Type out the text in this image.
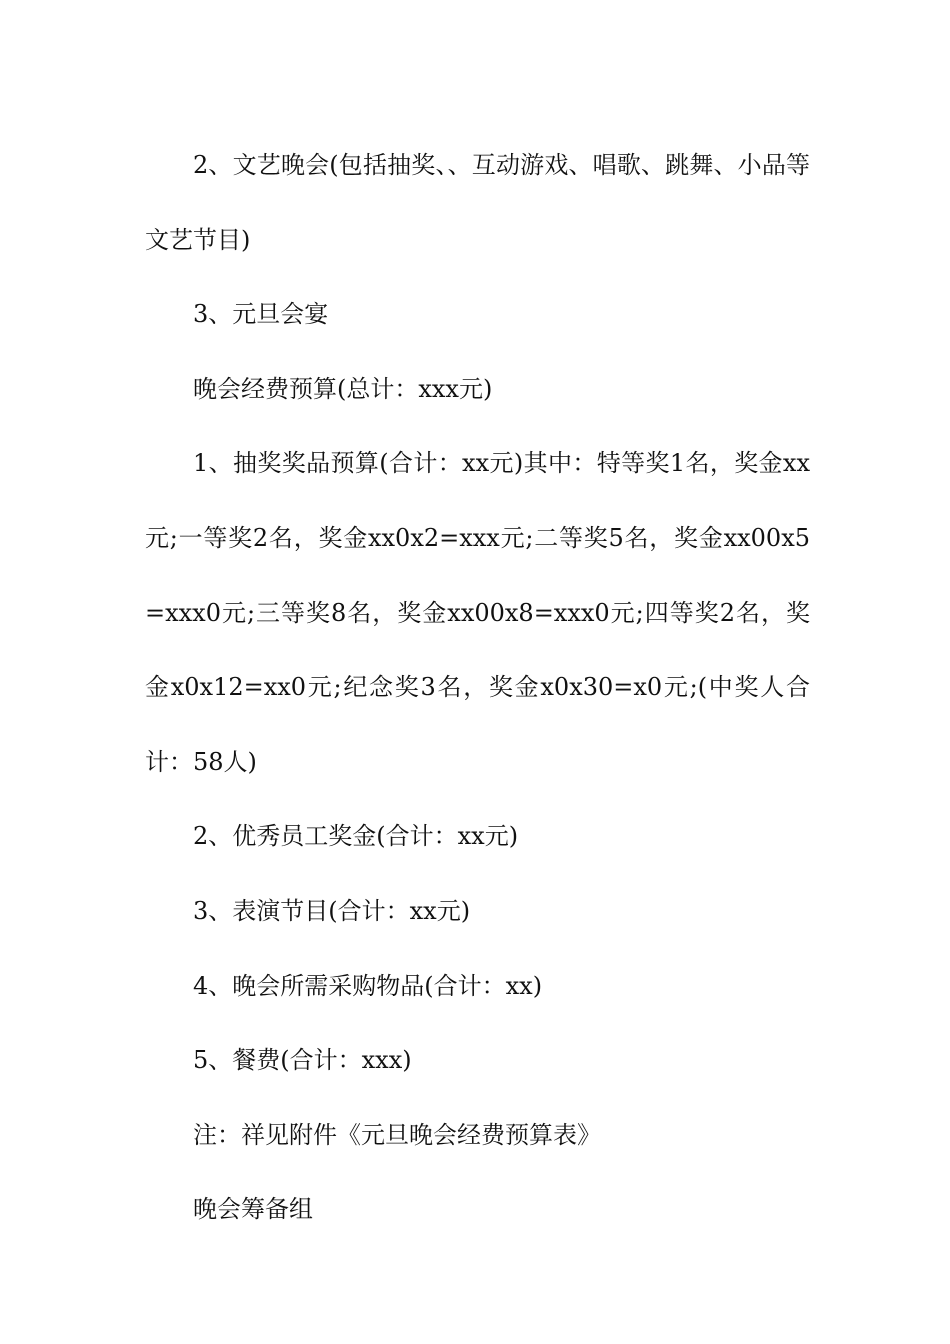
2、文艺晚会(包括抽奖、、互动游戏、唱歌、跳舞、小品等文艺节目)

3、元旦会宴

晚会经费预算(总计：xxx元)

1、抽奖奖品预算(合计：xx元)其中：特等奖1名，奖金xx元;一等奖2名，奖金xx0x2=xxx元;二等奖5名，奖金xx00x5=xxx0元;三等奖8名，奖金xx00x8=xxx0元;四等奖2名，奖金x0x12=xx0元;纪念奖3名，奖金x0x30=x0元;(中奖人合计：58人)

2、优秀员工奖金(合计：xx元)

3、表演节目(合计：xx元)

4、晚会所需采购物品(合计：xx)

5、餐费(合计：xxx)

注：祥见附件《元旦晚会经费预算表》

晚会筹备组
